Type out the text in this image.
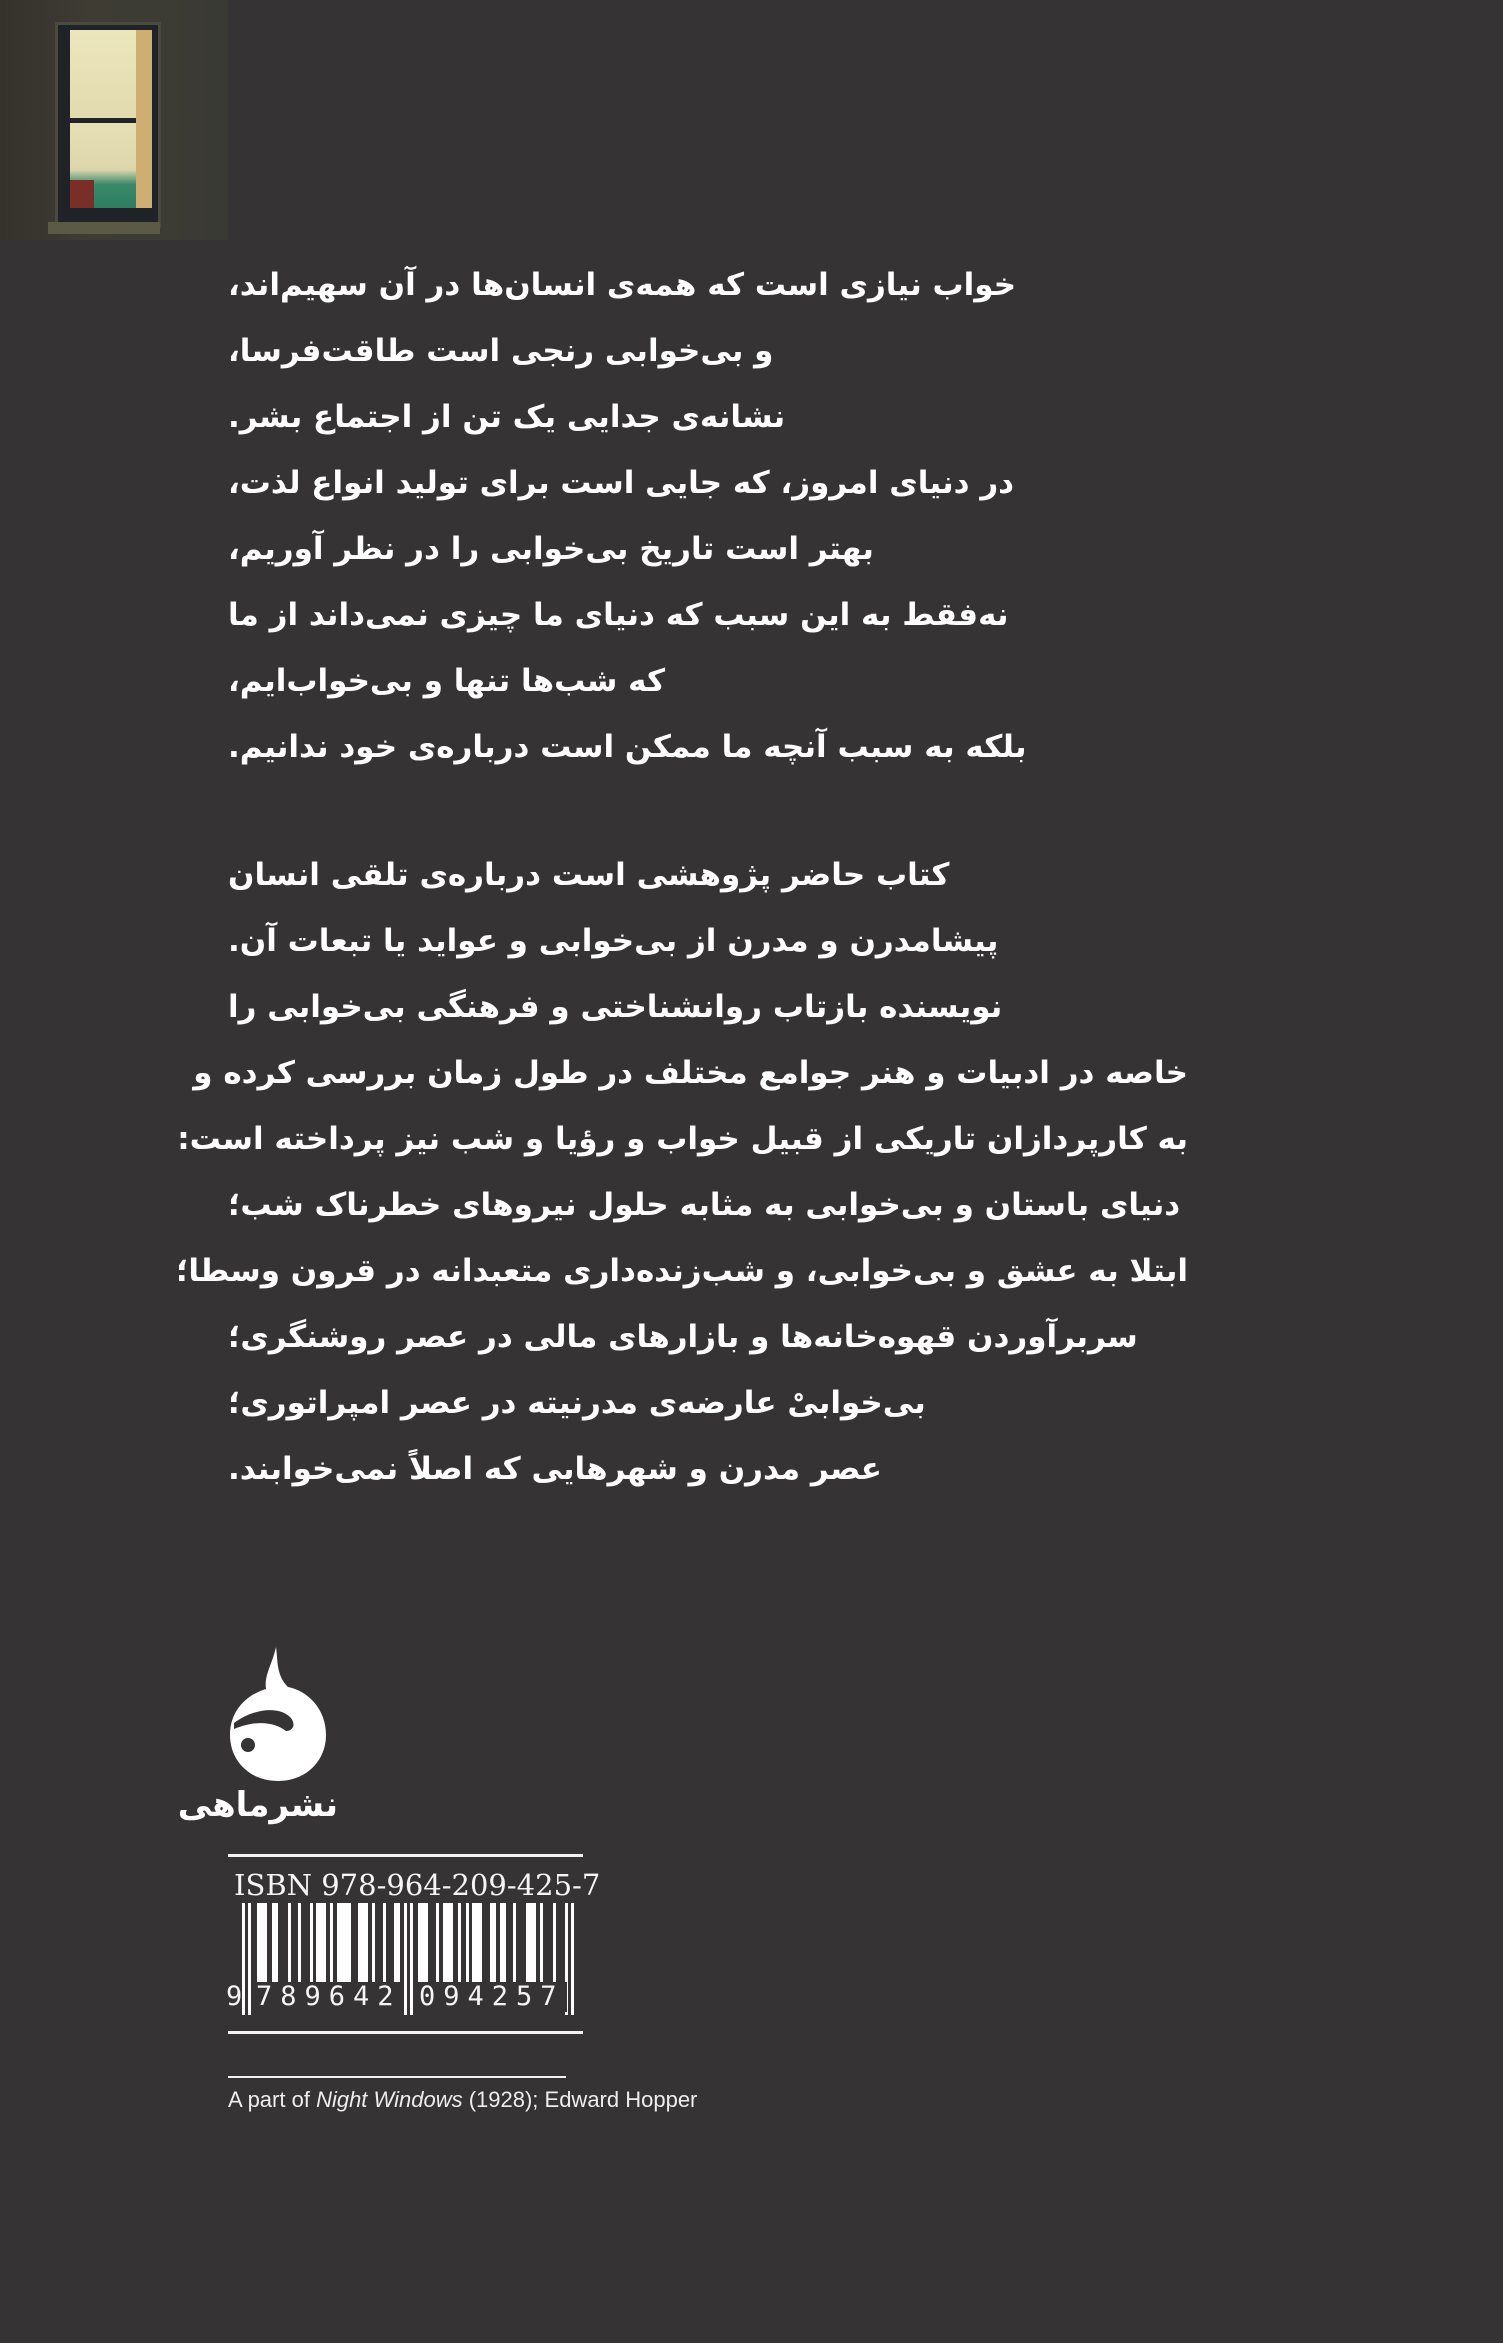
خواب نیازی است که همه‌ی انسان‌ها در آن سهیم‌اند،
و بی‌خوابی رنجی است طاقت‌فرسا،
نشانه‌ی جدایی یک تن از اجتماع بشر.
در دنیای امروز، که جایی است برای تولید انواع لذت،
بهتر است تاریخ بی‌خوابی را در نظر آوریم،
نه‌فقط به این سبب که دنیای ما چیزی نمی‌داند از ما
که شب‌ها تنها و بی‌خواب‌ایم،
بلکه به سبب آنچه ما ممکن است درباره‌ی خود ندانیم.
کتاب حاضر پژوهشی است درباره‌ی تلقی انسان
پیشامدرن و مدرن از بی‌خوابی و عواید یا تبعات آن.
نویسنده بازتاب روانشناختی و فرهنگی بی‌خوابی را
خاصه در ادبیات و هنر جوامع مختلف در طول زمان بررسی کرده و
به کارپردازان تاریکی از قبیل خواب و رؤیا و شب نیز پرداخته است:
دنیای باستان و بی‌خوابی به مثابه حلول نیروهای خطرناک شب؛
ابتلا به عشق و بی‌خوابی، و شب‌زنده‌داری متعبدانه در قرون وسطا؛
سربرآوردن قهوه‌خانه‌ها و بازارهای مالی در عصر روشنگری؛
بی‌خوابیْ عارضه‌ی مدرنیته در عصر امپراتوری؛
عصر مدرن و شهرهایی که اصلاً نمی‌خوابند.
نشرماهی
ISBN 978-964-209-425-7
9 789642 094257
A part of Night Windows (1928); Edward Hopper
